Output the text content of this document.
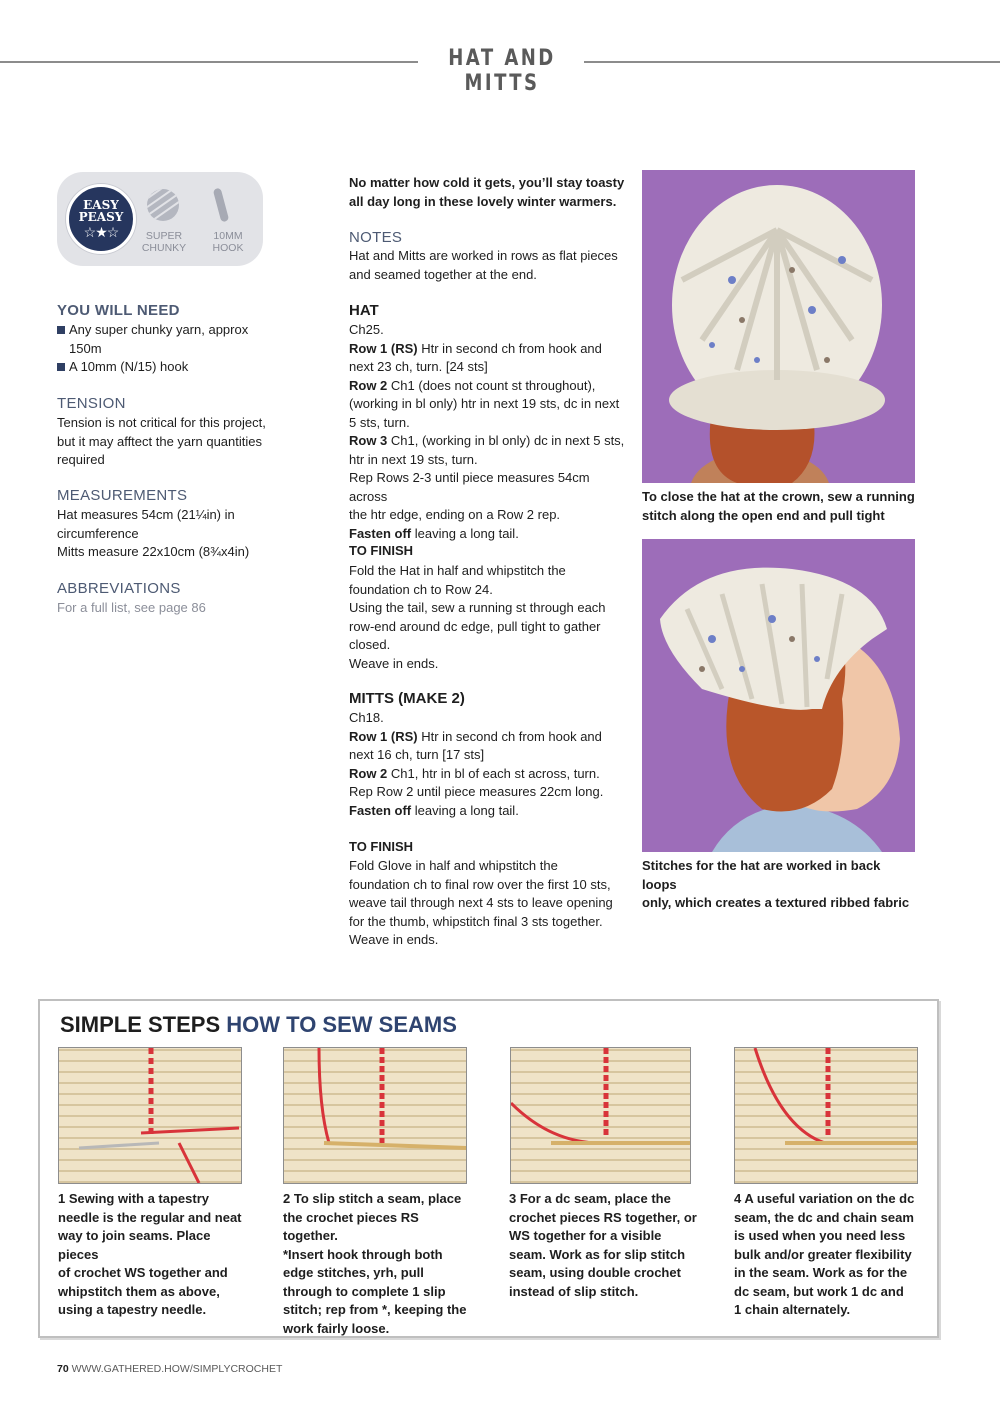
HAT AND MITTS
EASY
PEASY
☆★☆	SUPER
CHUNKY
10MM
HOOK
YOU WILL NEED
Any super chunky yarn, approx
150m
A 10mm (N/15) hook
TENSION
Tension is not critical for this project,
but it may afftect the yarn quantities
required
MEASUREMENTS
Hat measures 54cm (21¼in) in
circumference
Mitts measure 22x10cm (8¾x4in)
ABBREVIATIONS
For a full list, see page 86
No matter how cold it gets, you’ll stay toasty
all day long in these lovely winter warmers.
NOTES
Hat and Mitts are worked in rows as flat pieces
and seamed together at the end.
HAT
Ch25.
Row 1 (RS) Htr in second ch from hook and
next 23 ch, turn. [24 sts]
Row 2 Ch1 (does not count st throughout),
(working in bl only) htr in next 19 sts, dc in next
5 sts, turn.
Row 3 Ch1, (working in bl only) dc in next 5 sts,
htr in next 19 sts, turn.
Rep Rows 2-3 until piece measures 54cm across
the htr edge, ending on a Row 2 rep.
Fasten off leaving a long tail.
TO FINISH
Fold the Hat in half and whipstitch the
foundation ch to Row 24.
Using the tail, sew a running st through each
row-end around dc edge, pull tight to gather
closed.
Weave in ends.
MITTS (MAKE 2)
Ch18.
Row 1 (RS) Htr in second ch from hook and
next 16 ch, turn [17 sts]
Row 2 Ch1, htr in bl of each st across, turn.
Rep Row 2 until piece measures 22cm long.
Fasten off leaving a long tail.
TO FINISH
Fold Glove in half and whipstitch the
foundation ch to final row over the first 10 sts,
weave tail through next 4 sts to leave opening
for the thumb, whipstitch final 3 sts together.
Weave in ends.
To close the hat at the crown, sew a running
stitch along the open end and pull tight
Stitches for the hat are worked in back loops
only, which creates a textured ribbed fabric
SIMPLE STEPS HOW TO SEW SEAMS
1 Sewing with a tapestry
needle is the regular and neat
way to join seams. Place pieces
of crochet WS together and
whipstitch them as above,
using a tapestry needle.
2 To slip stitch a seam, place
the crochet pieces RS together.
*Insert hook through both
edge stitches, yrh, pull
through to complete 1 slip
stitch; rep from *, keeping the
work fairly loose.
3 For a dc seam, place the
crochet pieces RS together, or
WS together for a visible
seam. Work as for slip stitch
seam, using double crochet
instead of slip stitch.
4 A useful variation on the dc
seam, the dc and chain seam
is used when you need less
bulk and/or greater flexibility
in the seam. Work as for the
dc seam, but work 1 dc and
1 chain alternately.
70 WWW.GATHERED.HOW/SIMPLYCROCHET
